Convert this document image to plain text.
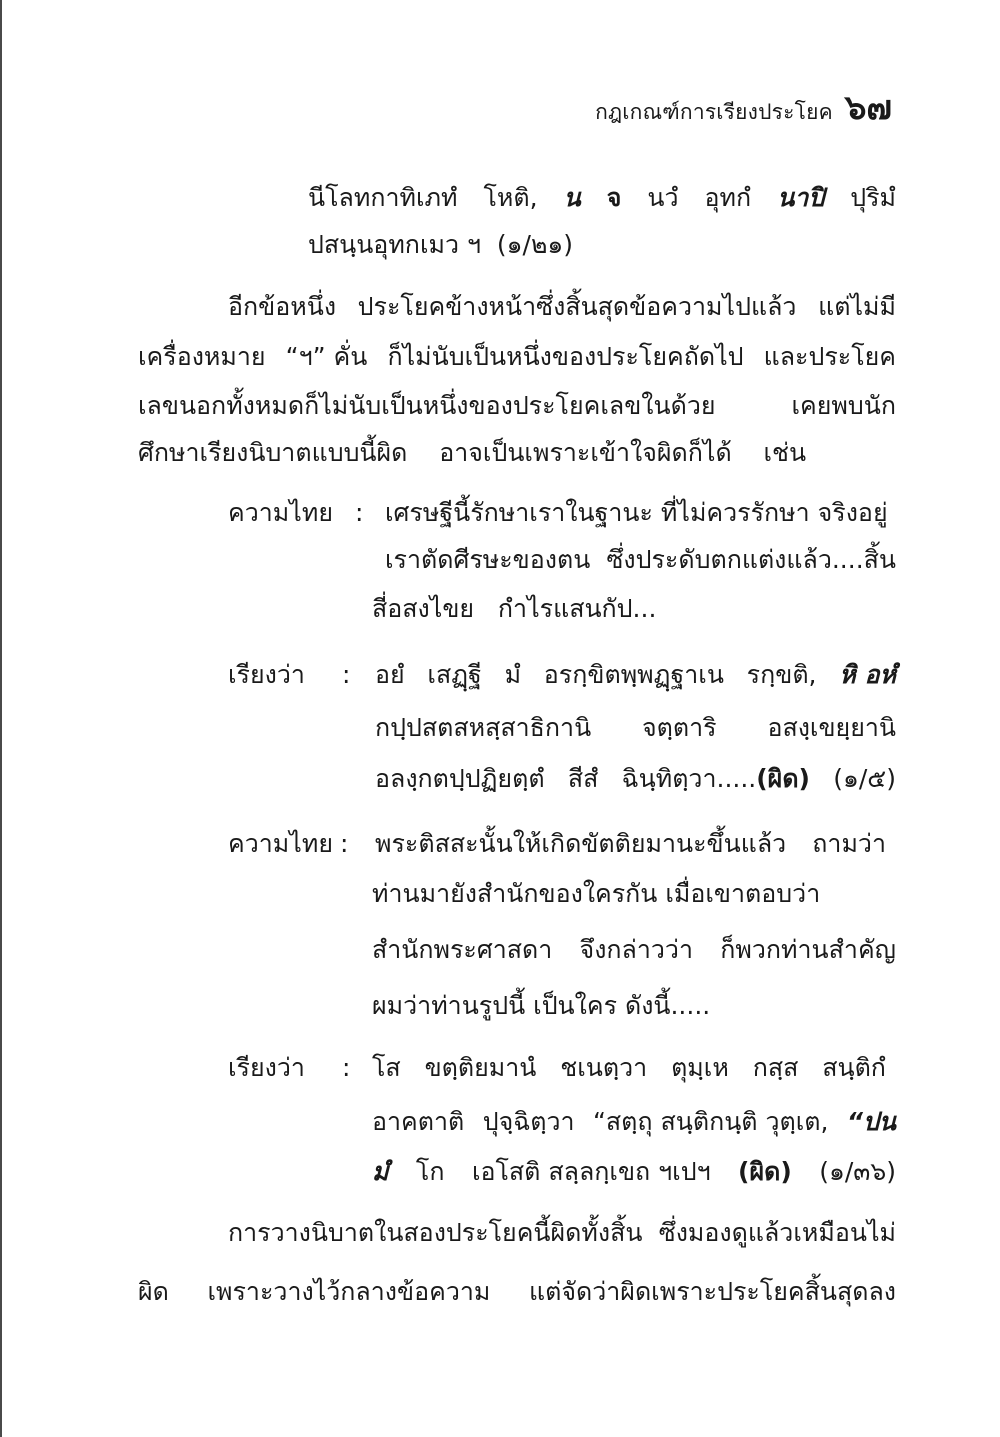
กฎเกณฑ์การเรียงประโยค ๖๗
นีโลทกาทิเภทํ โหติ, น จ นวํ อุทกํ นาปิ ปุริมํ
ปสนฺนอุทกเมว ฯ (๑/๒๑)
อีกข้อหนึ่ง ประโยคข้างหน้าซึ่งสิ้นสุดข้อความไปแล้ว แต่ไม่มี
เครื่องหมาย “ฯ” คั่น ก็ไม่นับเป็นหนึ่งของประโยคถัดไป และประโยค
เลขนอกทั้งหมดก็ไม่นับเป็นหนึ่งของประโยคเลขในด้วย	เคยพบนัก
ศึกษาเรียงนิบาตแบบนี้ผิด อาจเป็นเพราะเข้าใจผิดก็ได้ เช่น
ความไทย : เศรษฐีนี้รักษาเราในฐานะ ที่ไม่ควรรักษา จริงอยู่
เราตัดศีรษะของตน ซึ่งประดับตกแต่งแล้ว....สิ้น
สี่อสงไขย กำไรแสนกัป...
เรียงว่า : อยํ เสฏฺฐี มํ อรกฺขิตพฺพฏฺฐาเน รกฺขติ, หิ อหํ
กปฺปสตสหสฺสาธิกานิ จตฺตาริ อสงฺเขยฺยานิ
อลงฺกตปฺปฏิยตฺตํ สีสํ ฉินฺทิตฺวา.....(ผิด) (๑/๕)
ความไทย : พระติสสะนั้นให้เกิดขัตติยมานะขึ้นแล้ว ถามว่า
ท่านมายังสำนักของใครกัน เมื่อเขาตอบว่า
สำนักพระศาสดา จึงกล่าวว่า ก็พวกท่านสำคัญ
ผมว่าท่านรูปนี้ เป็นใคร ดังนี้.....
เรียงว่า : โส ขตฺติยมานํ ชเนตฺวา ตุมฺเห กสฺส สนฺติกํ
อาคตาติ ปุจฺฉิตฺวา “สตฺถุ สนฺติกนฺติ วุตฺเต, “ปน
มํ โก เอโสติ สลฺลกฺเขถ ฯเปฯ (ผิด) (๑/๓๖)
การวางนิบาตในสองประโยคนี้ผิดทั้งสิ้น ซึ่งมองดูแล้วเหมือนไม่
ผิด เพราะวางไว้กลางข้อความ แต่จัดว่าผิดเพราะประโยคสิ้นสุดลง
